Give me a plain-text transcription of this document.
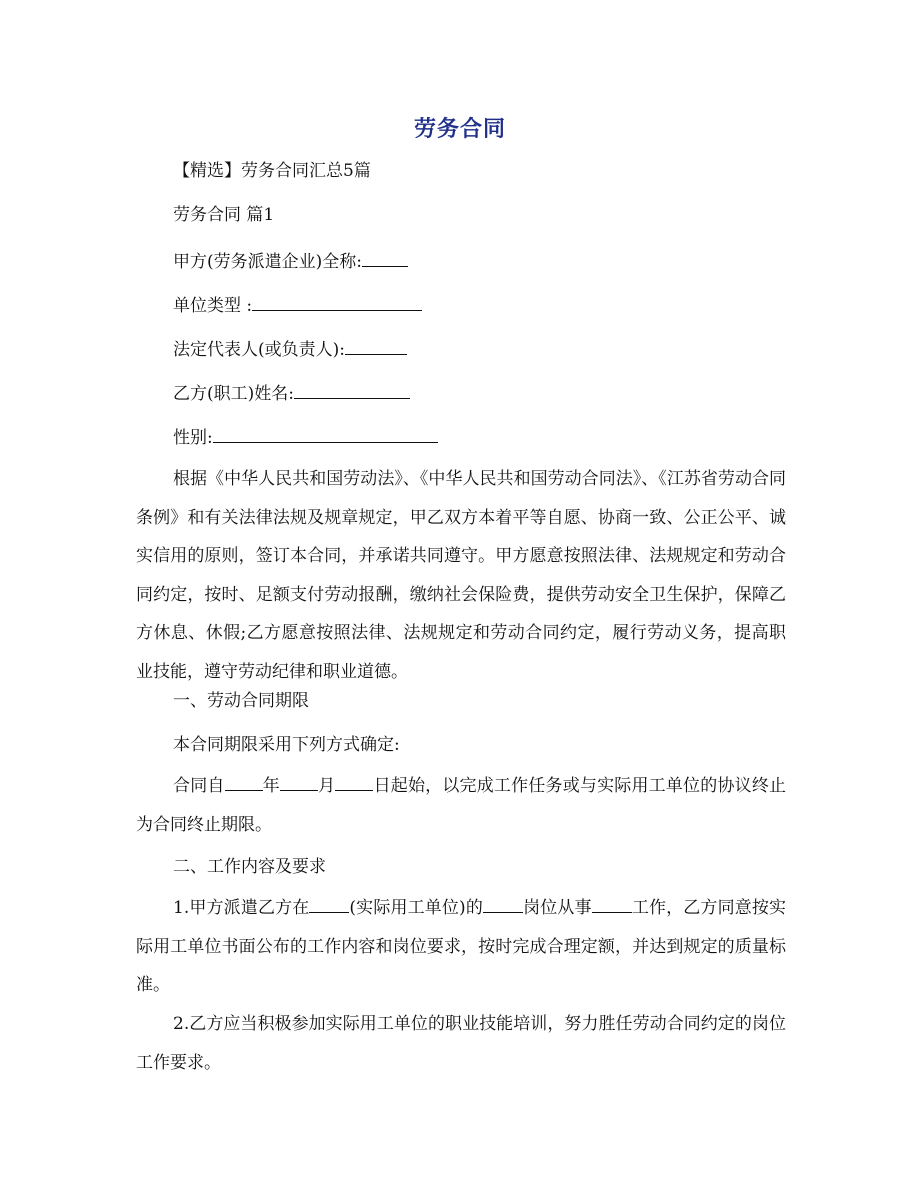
劳务合同
【精选】劳务合同汇总5篇
劳务合同 篇1
甲方(劳务派遣企业)全称:
单位类型 :
法定代表人(或负责人):
乙方(职工)姓名:
性别:
根据《中华人民共和国劳动法》、《中华人民共和国劳动合同法》、《江苏省劳动合同条例》和有关法律法规及规章规定，甲乙双方本着平等自愿、协商一致、公正公平、诚实信用的原则，签订本合同，并承诺共同遵守。甲方愿意按照法律、法规规定和劳动合同约定，按时、足额支付劳动报酬，缴纳社会保险费，提供劳动安全卫生保护，保障乙方休息、休假;乙方愿意按照法律、法规规定和劳动合同约定，履行劳动义务，提高职业技能，遵守劳动纪律和职业道德。
一、劳动合同期限
本合同期限采用下列方式确定:
合同自 年 月 日起始，以完成工作任务或与实际用工单位的协议终止为合同终止期限。
二、工作内容及要求
1.甲方派遣乙方在 (实际用工单位)的 岗位从事 工作，乙方同意按实际用工单位书面公布的工作内容和岗位要求，按时完成合理定额，并达到规定的质量标准。
2.乙方应当积极参加实际用工单位的职业技能培训，努力胜任劳动合同约定的岗位工作要求。
